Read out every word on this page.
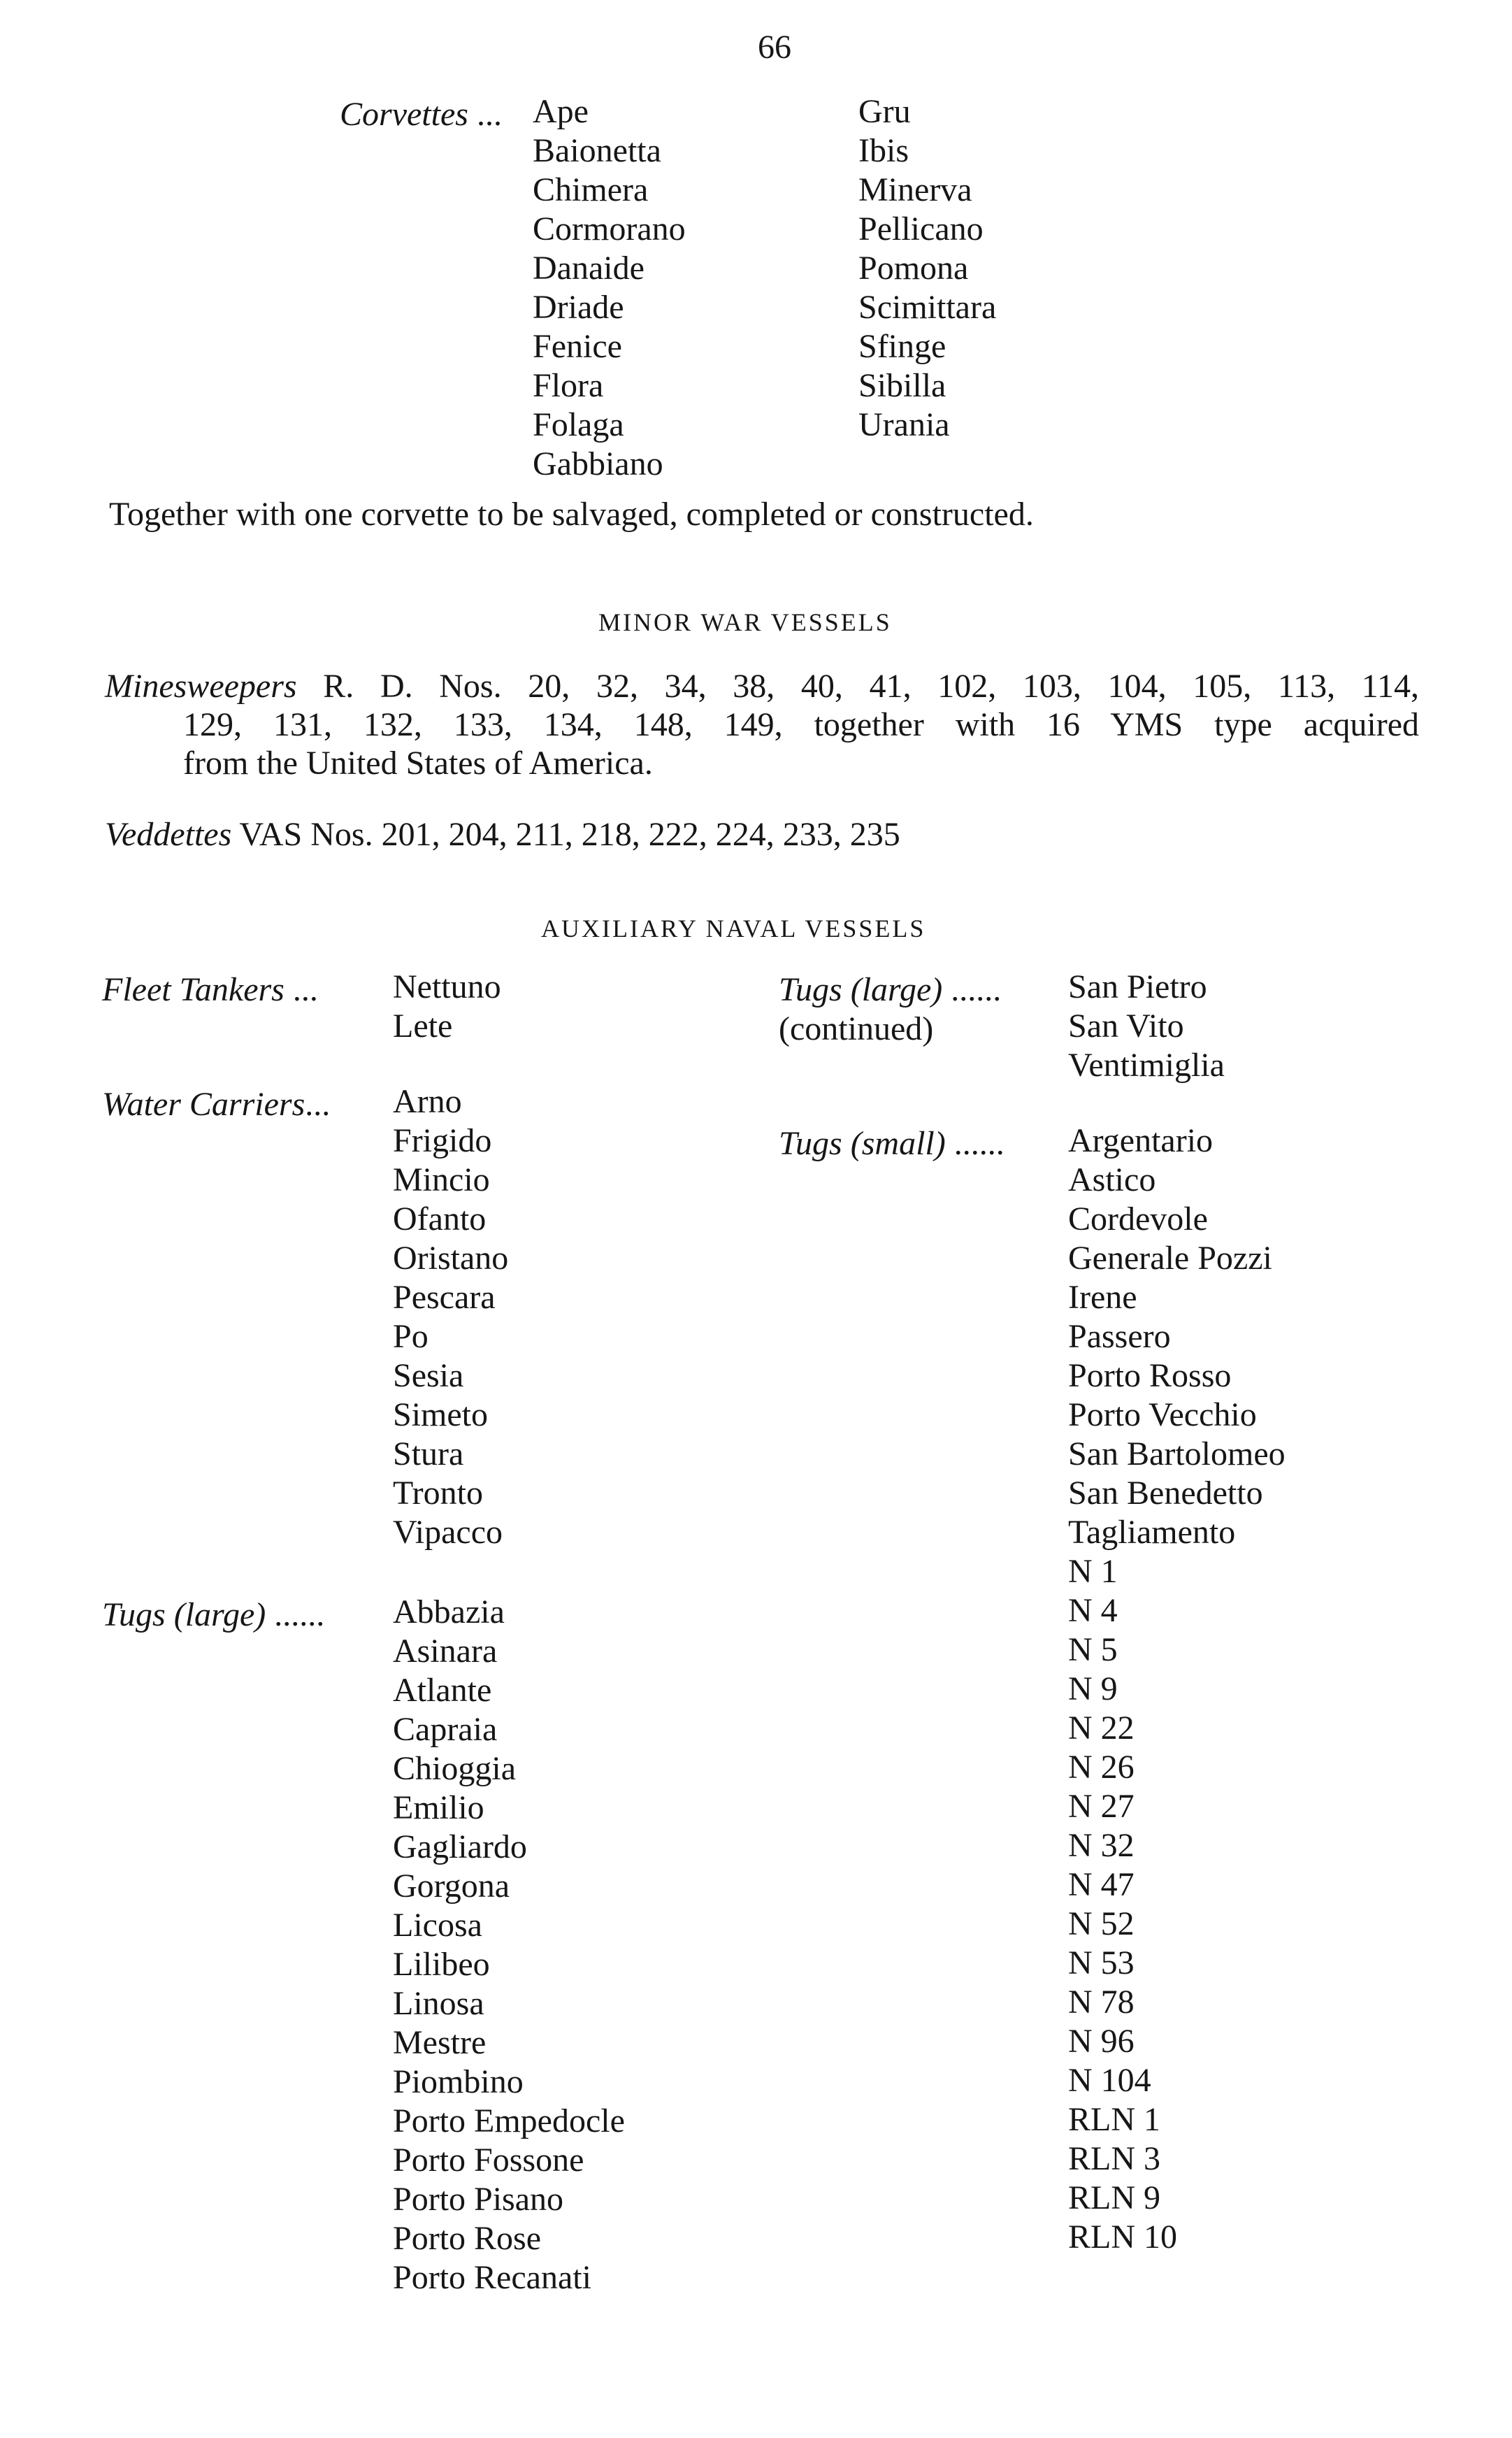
66
Corvettes ... Ape
Baionetta
Chimera
Cormorano
Danaide
Driade
Fenice
Flora
Folaga
Gabbiano
Gru
Ibis
Minerva
Pellicano
Pomona
Scimittara
Sfinge
Sibilla
Urania
Together with one corvette to be salvaged, completed or constructed.
MINOR WAR VESSELS
Minesweepers R. D. Nos. 20, 32, 34, 38, 40, 41, 102, 103, 104, 105, 113, 114,
129, 131, 132, 133, 134, 148, 149, together with 16 YMS type acquired
from the United States of America.
Veddettes VAS Nos. 201, 204, 211, 218, 222, 224, 233, 235
AUXILIARY NAVAL VESSELS
Fleet Tankers ... Nettuno
Lete
Water Carriers... Arno
Frigido
Mincio
Ofanto
Oristano
Pescara
Po
Sesia
Simeto
Stura
Tronto
Vipacco
Tugs (large) ...... Abbazia
Asinara
Atlante
Capraia
Chioggia
Emilio
Gagliardo
Gorgona
Licosa
Lilibeo
Linosa
Mestre
Piombino
Porto Empedocle
Porto Fossone
Porto Pisano
Porto Rose
Porto Recanati
Tugs (large) ......
(continued)
San Pietro
San Vito
Ventimiglia
Tugs (small) ...... Argentario
Astico
Cordevole
Generale Pozzi
Irene
Passero
Porto Rosso
Porto Vecchio
San Bartolomeo
San Benedetto
Tagliamento
N 1
N 4
N 5
N 9
N 22
N 26
N 27
N 32
N 47
N 52
N 53
N 78
N 96
N 104
RLN 1
RLN 3
RLN 9
RLN 10
